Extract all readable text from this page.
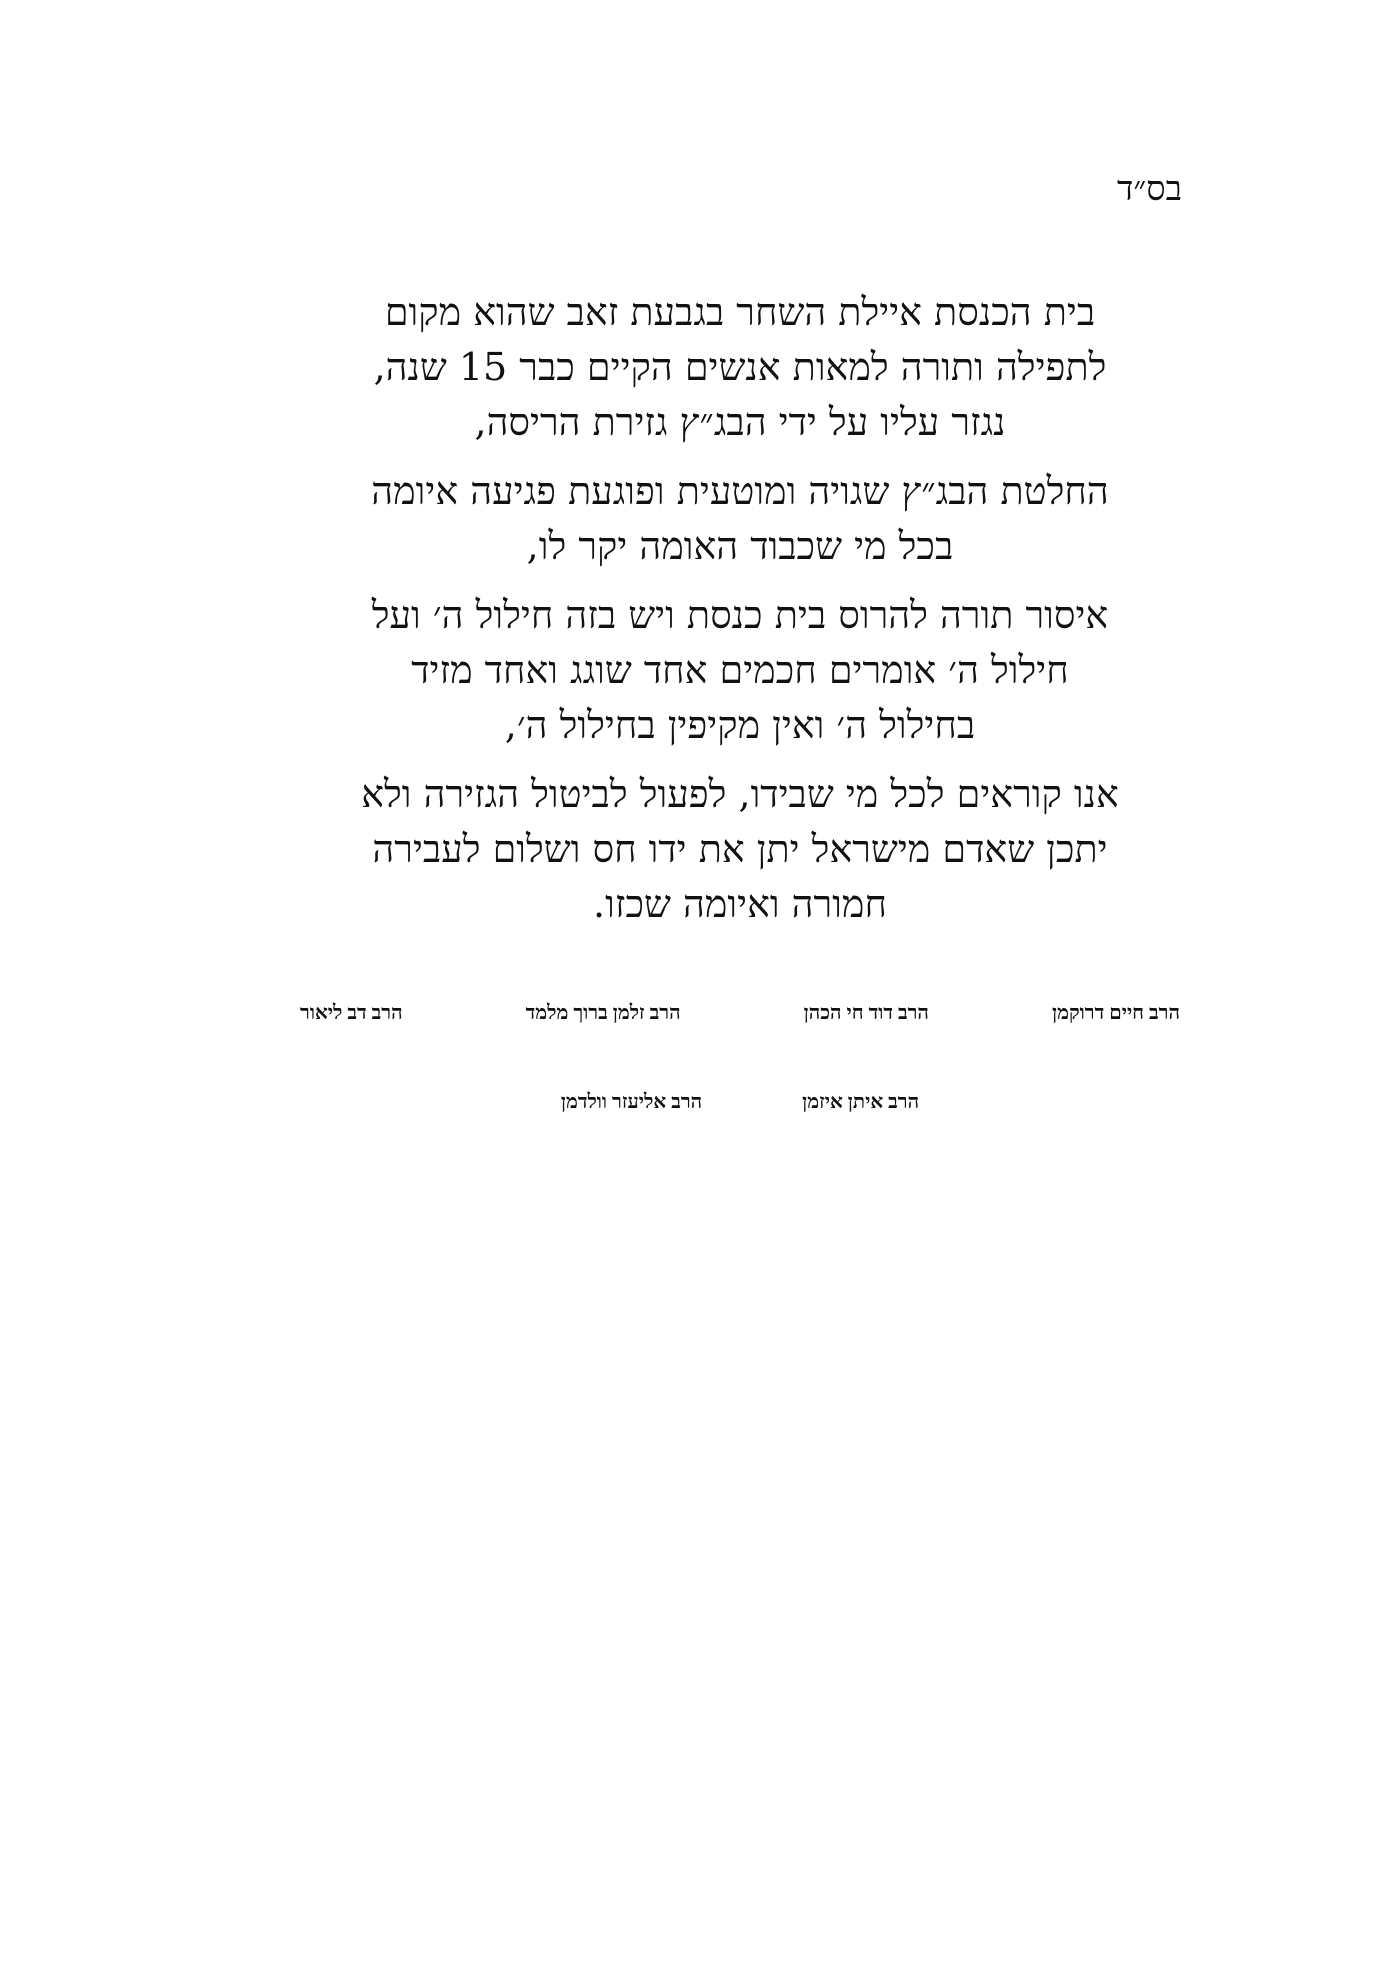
בס״ד

בית הכנסת איילת השחר בגבעת זאב שהוא מקום
לתפילה ותורה למאות אנשים הקיים כבר 15 שנה,
נגזר עליו על ידי הבג״ץ גזירת הריסה,

החלטת הבג״ץ שגויה ומוטעית ופוגעת פגיעה איומה
בכל מי שכבוד האומה יקר לו,

איסור תורה להרוס בית כנסת ויש בזה חילול ה׳ ועל
חילול ה׳ אומרים חכמים אחד שוגג ואחד מזיד
בחילול ה׳ ואין מקיפין בחילול ה׳,

אנו קוראים לכל מי שבידו, לפעול לביטול הגזירה ולא
יתכן שאדם מישראל יתן את ידו חס ושלום לעבירה
חמורה ואיומה שכזו.

הרב חיים דרוקמן
הרב דוד חי הכהן
הרב זלמן ברוך מלמד
הרב דב ליאור
הרב איתן איזמן
הרב אליעזר וולדמן
